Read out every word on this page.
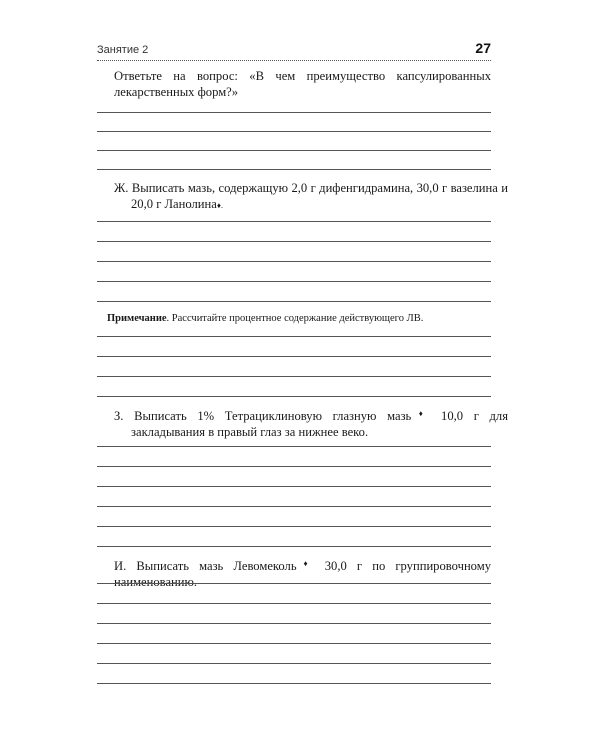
Занятие 2	27
Ответьте на вопрос: «В чем преимущество капсулированных лекарственных форм?»
Ж. Выписать мазь, содержащую 2,0 г дифенгидрамина, 30,0 г вазелина и 20,0 г Ланолина♦.
Примечание. Рассчитайте процентное содержание действующего ЛВ.
З. Выписать 1% Тетрациклиновую глазную мазь♦ 10,0 г для закладывания в правый глаз за нижнее веко.
И. Выписать мазь Левомеколь♦ 30,0 г по группировочному наименованию.
